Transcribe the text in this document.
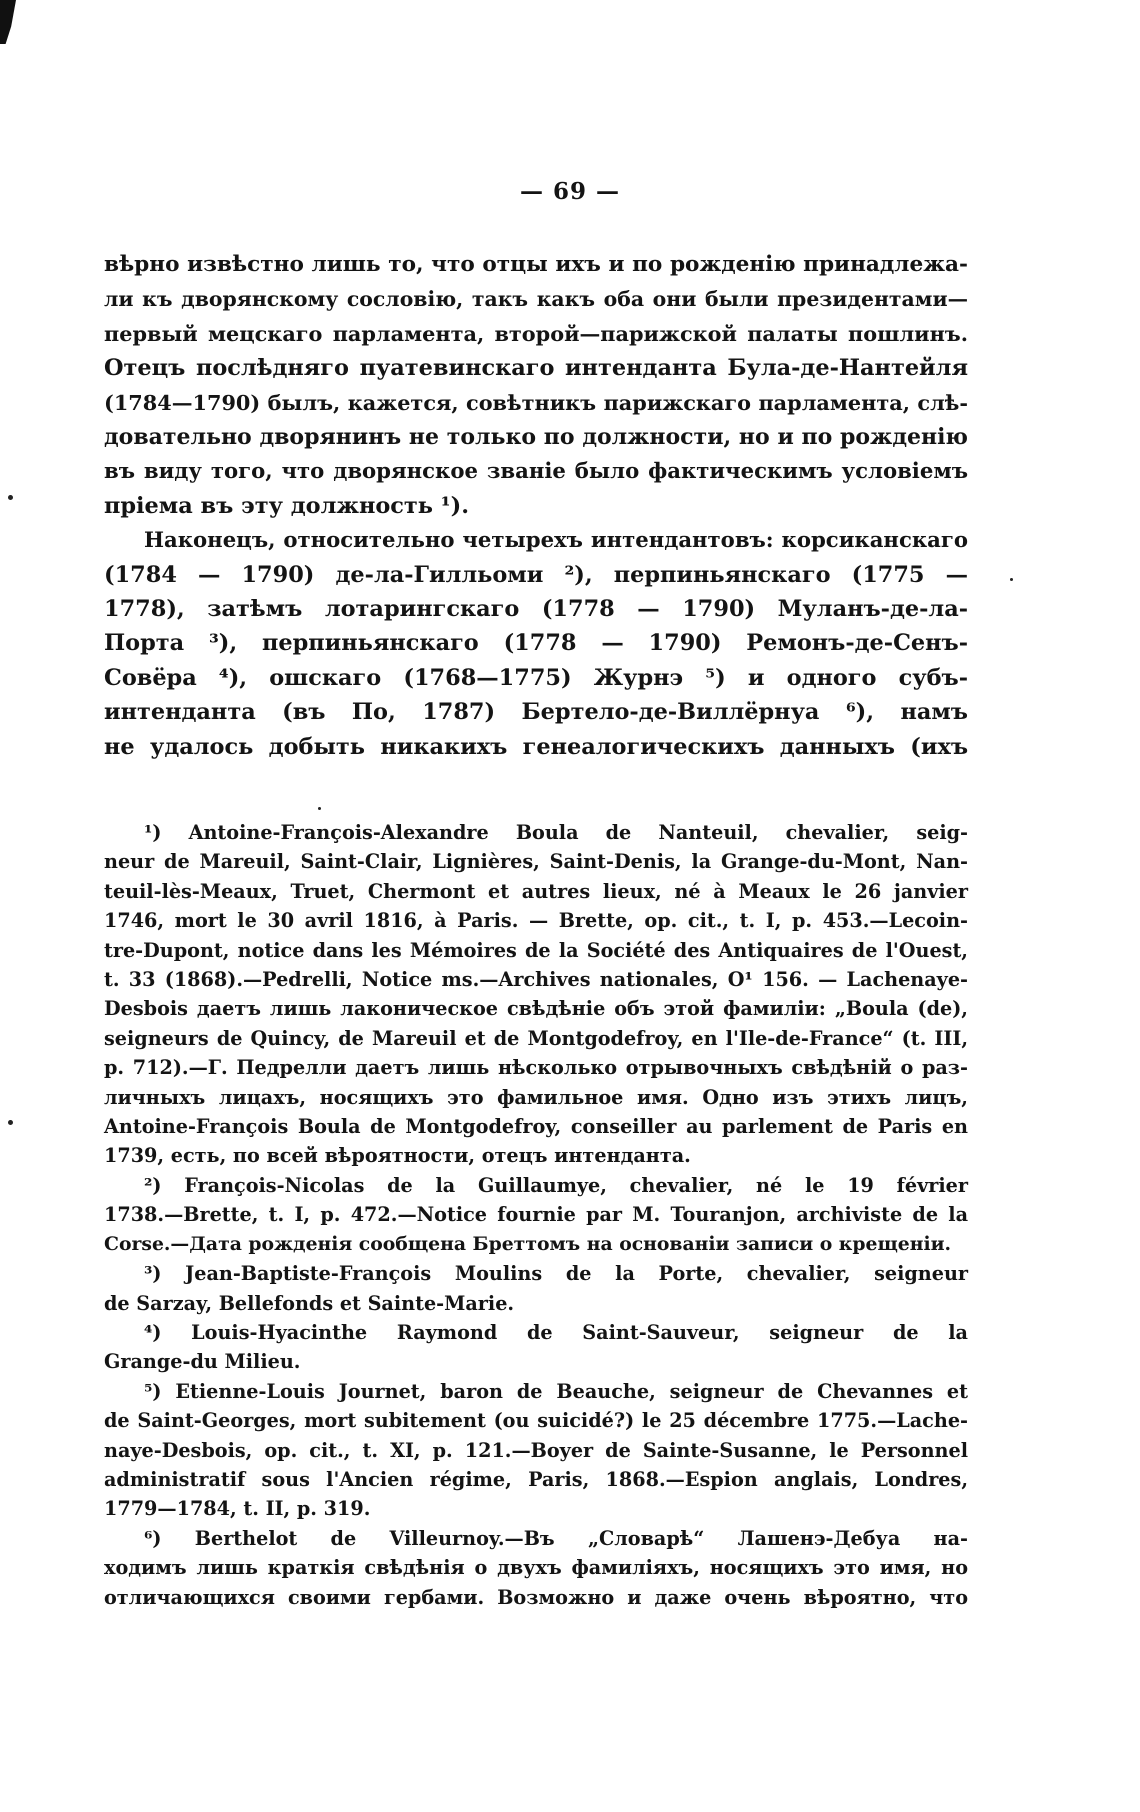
— 69 —
вѣрно извѣстно лишь то, что отцы ихъ и по рожденію принадлежа-
ли къ дворянскому сословію, такъ какъ оба они были президентами—
первый мецскаго парламента, второй—парижской палаты пошлинъ.
Отецъ послѣдняго пуатевинскаго интенданта Була-де-Нантейля
(1784—1790) былъ, кажется, совѣтникъ парижскаго парламента, слѣ-
довательно дворянинъ не только по должности, но и по рожденію
въ виду того, что дворянское званіе было фактическимъ условіемъ
пріема въ эту должность ¹).
Наконецъ, относительно четырехъ интендантовъ: корсиканскаго
(1784 — 1790) де-ла-Гилльоми ²), перпиньянскаго (1775 —
1778), затѣмъ лотарингскаго (1778 — 1790) Муланъ-де-ла-
Порта ³), перпиньянскаго (1778 — 1790) Ремонъ-де-Сенъ-
Совёра ⁴), ошскаго (1768—1775) Журнэ ⁵) и одного субъ-
интенданта (въ По, 1787) Бертело-де-Виллёрнуа ⁶), намъ
не удалось добыть никакихъ генеалогическихъ данныхъ (ихъ
¹) Antoine-François-Alexandre Boula de Nanteuil, chevalier, seig-
neur de Mareuil, Saint-Clair, Lignières, Saint-Denis, la Grange-du-Mont, Nan-
teuil-lès-Meaux, Truet, Chermont et autres lieux, né à Meaux le 26 janvier
1746, mort le 30 avril 1816, à Paris. — Brette, op. cit., t. I, p. 453.—Lecoin-
tre-Dupont, notice dans les Mémoires de la Société des Antiquaires de l'Ouest,
t. 33 (1868).—Pedrelli, Notice ms.—Archives nationales, O¹ 156. — Lachenaye-
Desbois даетъ лишь лаконическое свѣдѣніе объ этой фамиліи: „Boula (de),
seigneurs de Quincy, de Mareuil et de Montgodefroy, en l'Ile-de-France“ (t. III,
p. 712).—Г. Педрелли даетъ лишь нѣсколько отрывочныхъ свѣдѣній о раз-
личныхъ лицахъ, носящихъ это фамильное имя. Одно изъ этихъ лицъ,
Antoine-François Boula de Montgodefroy, conseiller au parlement de Paris en
1739, есть, по всей вѣроятности, отецъ интенданта.
²) François-Nicolas de la Guillaumye, chevalier, né le 19 février
1738.—Brette, t. I, p. 472.—Notice fournie par M. Touranjon, archiviste de la
Corse.—Дата рожденія сообщена Бреттомъ на основаніи записи о крещеніи.
³) Jean-Baptiste-François Moulins de la Porte, chevalier, seigneur
de Sarzay, Bellefonds et Sainte-Marie.
⁴) Louis-Hyacinthe Raymond de Saint-Sauveur, seigneur de la
Grange-du Milieu.
⁵) Etienne-Louis Journet, baron de Beauche, seigneur de Chevannes et
de Saint-Georges, mort subitement (ou suicidé?) le 25 décembre 1775.—Lache-
naye-Desbois, op. cit., t. XI, p. 121.—Boyer de Sainte-Susanne, le Personnel
administratif sous l'Ancien régime, Paris, 1868.—Espion anglais, Londres,
1779—1784, t. II, p. 319.
⁶) Berthelot de Villeurnoy.—Въ „Словарѣ“ Лашенэ-Дебуа на-
ходимъ лишь краткія свѣдѣнія о двухъ фамиліяхъ, носящихъ это имя, но
отличающихся своими гербами. Возможно и даже очень вѣроятно, что
